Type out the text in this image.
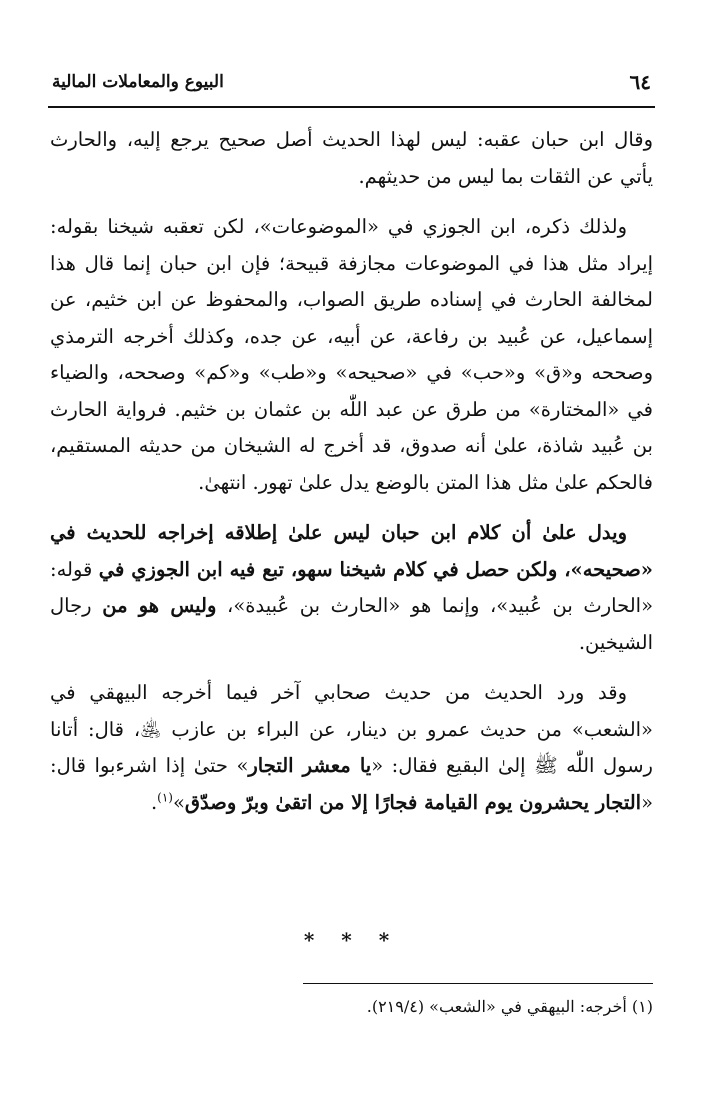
٦٤
البيوع والمعاملات المالية

وقال ابن حبان عقبه: ليس لهذا الحديث أصل صحيح يرجع إليه، والحارث يأتي عن الثقات بما ليس من حديثهم.

ولذلك ذكره، ابن الجوزي في «الموضوعات»، لكن تعقبه شيخنا بقوله: إيراد مثل هذا في الموضوعات مجازفة قبيحة؛ فإن ابن حبان إنما قال هذا لمخالفة الحارث في إسناده طريق الصواب، والمحفوظ عن ابن خثيم، عن إسماعيل، عن عُبيد بن رفاعة، عن أبيه، عن جده، وكذلك أخرجه الترمذي وصححه و«ق» و«حب» في «صحيحه» و«طب» و«كم» وصححه، والضياء في «المختارة» من طرق عن عبد اللّٰه بن عثمان بن خثيم. فرواية الحارث بن عُبيد شاذة، علىٰ أنه صدوق، قد أخرج له الشيخان من حديثه المستقيم، فالحكم علىٰ مثل هذا المتن بالوضع يدل علىٰ تهور. انتهىٰ.

ويدل علىٰ أن كلام ابن حبان ليس علىٰ إطلاقه إخراجه للحديث في «صحيحه»، ولكن حصل في كلام شيخنا سهو، تبع فيه ابن الجوزي في قوله: «الحارث بن عُبيد»، وإنما هو «الحارث بن عُبيدة»، وليس هو من رجال الشيخين.

وقد ورد الحديث من حديث صحابي آخر فيما أخرجه البيهقي في «الشعب» من حديث عمرو بن دينار، عن البراء بن عازب ﵁، قال: أتانا رسول اللّٰه ﷺ إلىٰ البقيع فقال: «يا معشر التجار» حتىٰ إذا اشرءبوا قال: «التجار يحشرون يوم القيامة فجارًا إلا من اتقىٰ وبرّ وصدّق»$^{(١)}$.

* * *
(١) أخرجه: البيهقي في «الشعب» (٢١٩/٤).
